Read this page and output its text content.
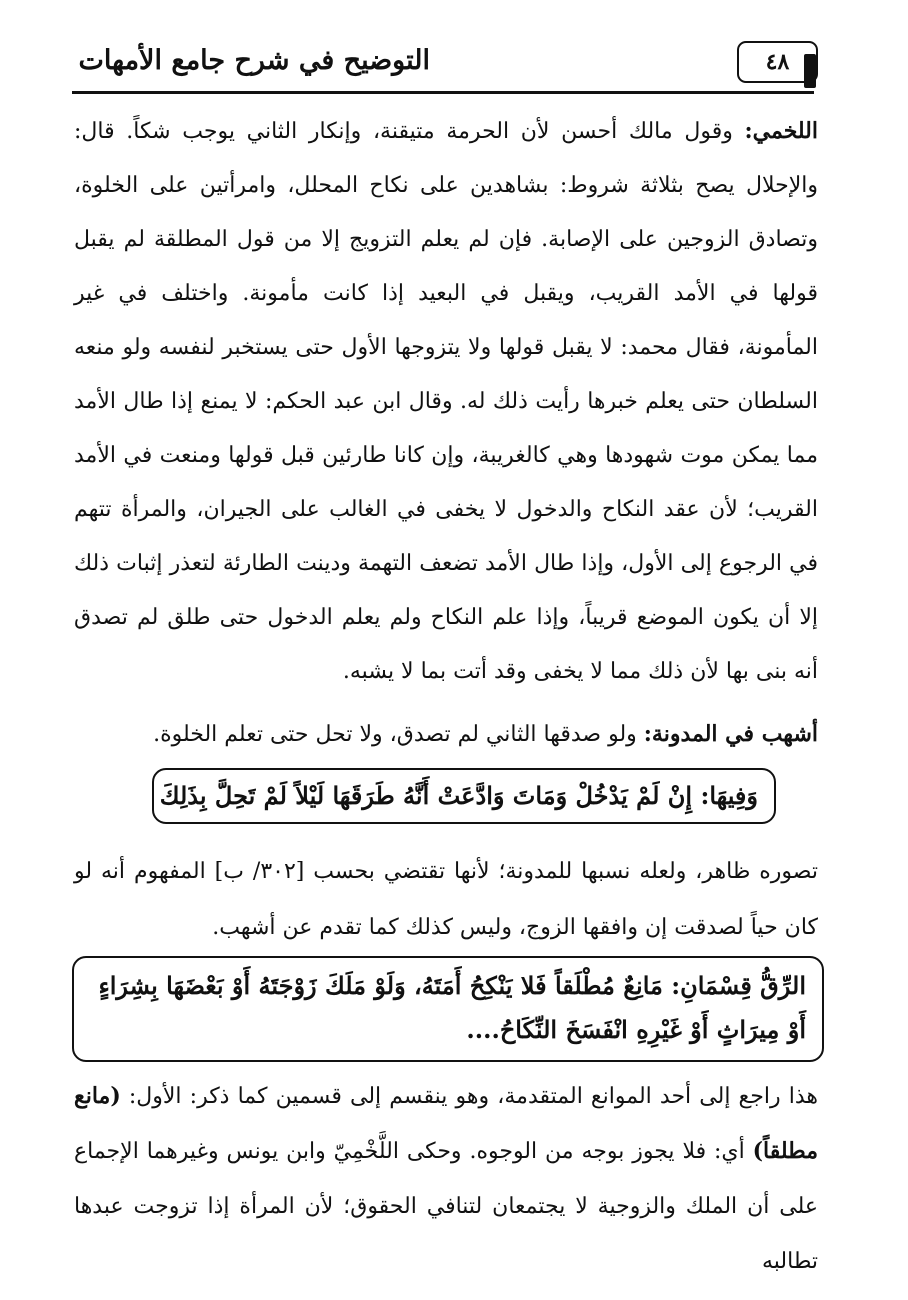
التوضيح في شرح جامع الأمهات	٤٨
اللخمي: وقول مالك أحسن لأن الحرمة متيقنة، وإنكار الثاني يوجب شكاً. قال: والإحلال يصح بثلاثة شروط: بشاهدين على نكاح المحلل، وامرأتين على الخلوة، وتصادق الزوجين على الإصابة. فإن لم يعلم التزويج إلا من قول المطلقة لم يقبل قولها في الأمد القريب، ويقبل في البعيد إذا كانت مأمونة. واختلف في غير المأمونة، فقال محمد: لا يقبل قولها ولا يتزوجها الأول حتى يستخبر لنفسه ولو منعه السلطان حتى يعلم خبرها رأيت ذلك له. وقال ابن عبد الحكم: لا يمنع إذا طال الأمد مما يمكن موت شهودها وهي كالغريبة، وإن كانا طارئين قبل قولها ومنعت في الأمد القريب؛ لأن عقد النكاح والدخول لا يخفى في الغالب على الجيران، والمرأة تتهم في الرجوع إلى الأول، وإذا طال الأمد تضعف التهمة ودينت الطارئة لتعذر إثبات ذلك إلا أن يكون الموضع قريباً، وإذا علم النكاح ولم يعلم الدخول حتى طلق لم تصدق أنه بنى بها لأن ذلك مما لا يخفى وقد أتت بما لا يشبه.
أشهب في المدونة: ولو صدقها الثاني لم تصدق، ولا تحل حتى تعلم الخلوة.
وَفِيهَا: إِنْ لَمْ يَدْخُلْ وَمَاتَ وَادَّعَتْ أَنَّهُ طَرَقَهَا لَيْلاً لَمْ تَحِلَّ بِذَلِكَ
تصوره ظاهر، ولعله نسبها للمدونة؛ لأنها تقتضي بحسب [٣٠٢/ ب] المفهوم أنه لو كان حياً لصدقت إن وافقها الزوج، وليس كذلك كما تقدم عن أشهب.
الرِّقُّ قِسْمَانِ: مَانِعٌ مُطْلَقاً فَلا يَنْكِحُ أَمَتَهُ، وَلَوْ مَلَكَ زَوْجَتَهُ أَوْ بَعْضَهَا بِشِرَاءٍ أَوْ مِيرَاثٍ أَوْ غَيْرِهِ انْفَسَخَ النِّكَاحُ....
هذا راجع إلى أحد الموانع المتقدمة، وهو ينقسم إلى قسمين كما ذكر: الأول: (مانع مطلقاً) أي: فلا يجوز بوجه من الوجوه. وحكى اللَّخْمِيّ وابن يونس وغيرهما الإجماع على أن الملك والزوجية لا يجتمعان لتنافي الحقوق؛ لأن المرأة إذا تزوجت عبدها تطالبه
